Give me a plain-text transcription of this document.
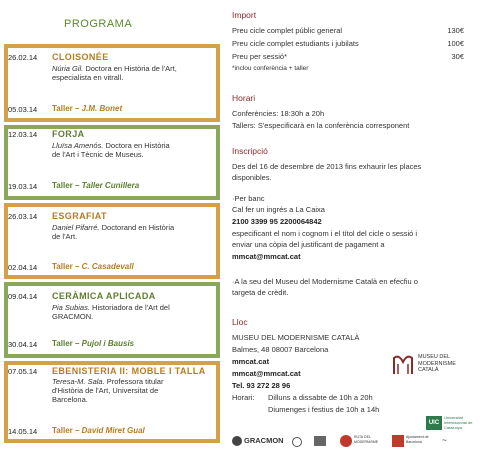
PROGRAMA
26.02.14 CLOISONÉE
Núria Gil. Doctora en Història de l'Art,
especialista en vitrall.
05.03.14 Taller – J.M. Bonet
12.03.14 FORJA
Lluïsa Amenós. Doctora en Història
de l'Art i Tècnic de Museus.
19.03.14 Taller – Taller Cunillera
26.03.14 ESGRAFIAT
Daniel Pifarré. Doctorand en Història
de l'Art.
02.04.14 Taller – C. Casadevall
09.04.14 CERÀMICA APLICADA
Pia Subias. Historiadora de l'Art del
GRACMON.
30.04.14 Taller – Pujol i Bausis
07.05.14 EBENISTERIA II: MOBLE I TALLA
Teresa-M. Sala. Professora titular
d'Història de l'Art, Universitat de
Barcelona.
14.05.14 Taller – David Miret Gual
Import
Preu cicle complet públic general	130€
Preu cicle complet estudiants i jubilats	100€
Preu per sessió*	30€
*inclou conferència + taller
Horari
Conferències: 18:30h a 20h
Tallers: S'especificarà en la conferència corresponent
Inscripció
Des del 16 de desembre de 2013 fins exhaurir les places
disponibles.
·Per banc
Cal fer un ingrés a La Caixa
2100 3399 95 2200064842
especificant el nom i cognom i el títol del cicle o sessió i
enviar una còpia del justificant de pagament a
mmcat@mmcat.cat
·A la seu del Museu del Modernisme Català en efecfiu o
targeta de crèdit.
Lloc
MUSEU DEL MODERNISME CATALÀ
Balmes, 48 08007 Barcelona
mmcat.cat
mmcat@mmcat.cat
Tel. 93 272 28 96
Horari: Dilluns a dissabte de 10h a 20h
Diumenges i festius de 10h a 14h
MUSEU DEL
MODERNISME
CATALÀ
UIC
Universitat Internacional de Catalunya
GRACMON	RUTA DEL MODERNISME
Ajuntament de Barcelona	~
